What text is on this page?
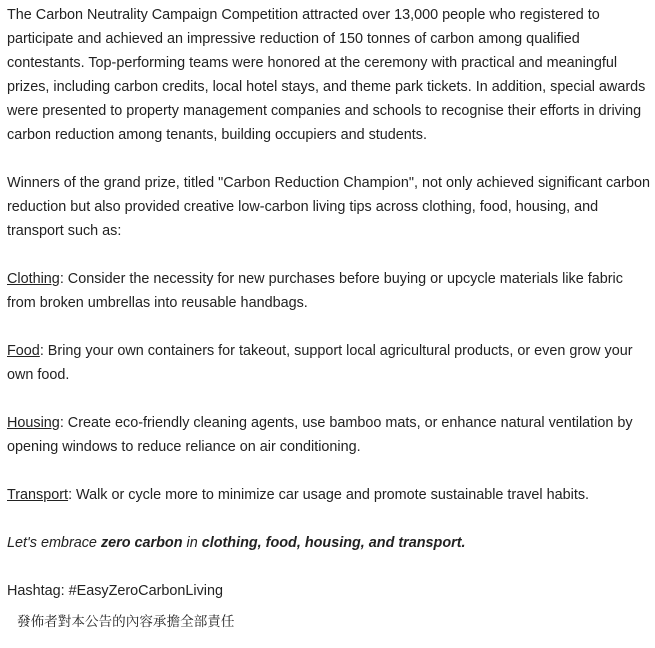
The Carbon Neutrality Campaign Competition attracted over 13,000 people who registered to participate and achieved an impressive reduction of 150 tonnes of carbon among qualified contestants. Top-performing teams were honored at the ceremony with practical and meaningful prizes, including carbon credits, local hotel stays, and theme park tickets. In addition, special awards were presented to property management companies and schools to recognise their efforts in driving carbon reduction among tenants, building occupiers and students.

Winners of the grand prize, titled "Carbon Reduction Champion", not only achieved significant carbon reduction but also provided creative low-carbon living tips across clothing, food, housing, and transport such as:

Clothing: Consider the necessity for new purchases before buying or upcycle materials like fabric from broken umbrellas into reusable handbags.

Food: Bring your own containers for takeout, support local agricultural products, or even grow your own food.

Housing: Create eco-friendly cleaning agents, use bamboo mats, or enhance natural ventilation by opening windows to reduce reliance on air conditioning.

Transport: Walk or cycle more to minimize car usage and promote sustainable travel habits.

Let's embrace zero carbon in clothing, food, housing, and transport.

Hashtag: #EasyZeroCarbonLiving

發佈者對本公告的內容承擔全部責任
